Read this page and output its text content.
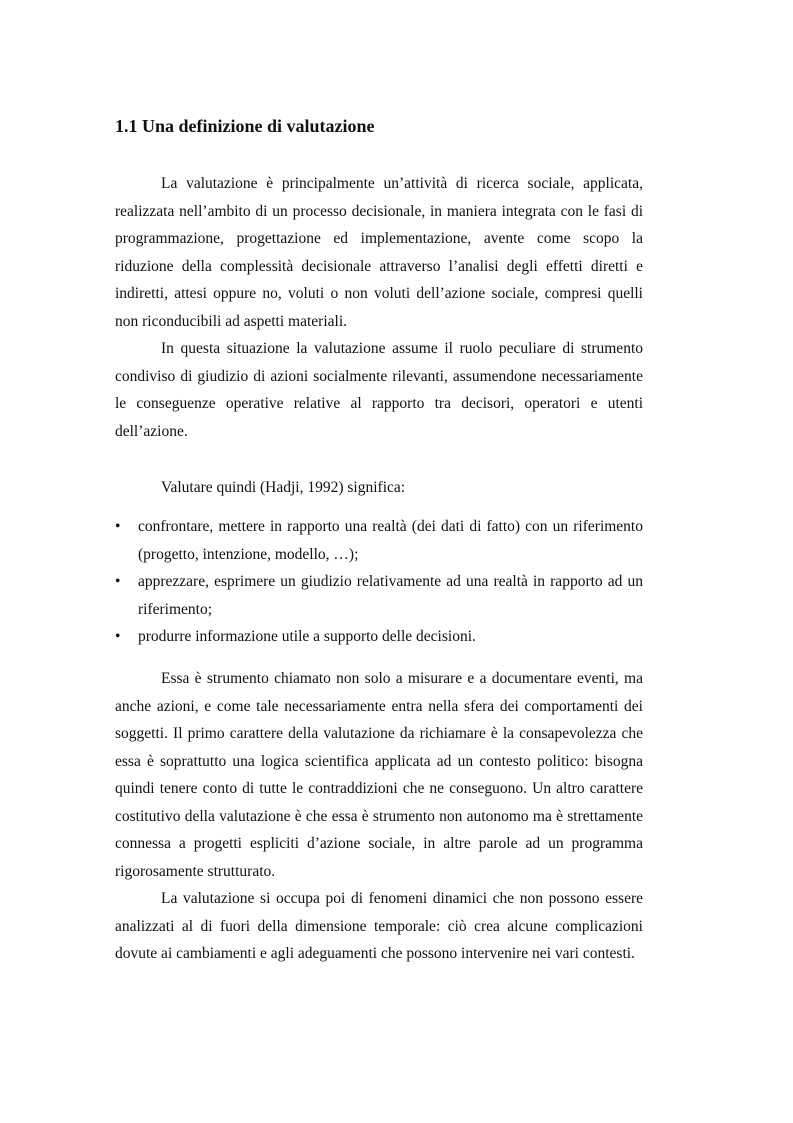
1.1 Una definizione di valutazione

La valutazione è principalmente un’attività di ricerca sociale, applicata, realizzata nell’ambito di un processo decisionale, in maniera integrata con le fasi di programmazione, progettazione ed implementazione, avente come scopo la riduzione della complessità decisionale attraverso l’analisi degli effetti diretti e indiretti, attesi oppure no, voluti o non voluti dell’azione sociale, compresi quelli non riconducibili ad aspetti materiali.

In questa situazione la valutazione assume il ruolo peculiare di strumento condiviso di giudizio di azioni socialmente rilevanti, assumendone necessariamente le conseguenze operative relative al rapporto tra decisori, operatori e utenti dell’azione.

Valutare quindi (Hadji, 1992) significa:

• confrontare, mettere in rapporto una realtà (dei dati di fatto) con un riferimento (progetto, intenzione, modello, …);
• apprezzare, esprimere un giudizio relativamente ad una realtà in rapporto ad un riferimento;
• produrre informazione utile a supporto delle decisioni.

Essa è strumento chiamato non solo a misurare e a documentare eventi, ma anche azioni, e come tale necessariamente entra nella sfera dei comportamenti dei soggetti. Il primo carattere della valutazione da richiamare è la consapevolezza che essa è soprattutto una logica scientifica applicata ad un contesto politico: bisogna quindi tenere conto di tutte le contraddizioni che ne conseguono. Un altro carattere costitutivo della valutazione è che essa è strumento non autonomo ma è strettamente connessa a progetti espliciti d’azione sociale, in altre parole ad un programma rigorosamente strutturato.

La valutazione si occupa poi di fenomeni dinamici che non possono essere analizzati al di fuori della dimensione temporale: ciò crea alcune complicazioni dovute ai cambiamenti e agli adeguamenti che possono intervenire nei vari contesti.
